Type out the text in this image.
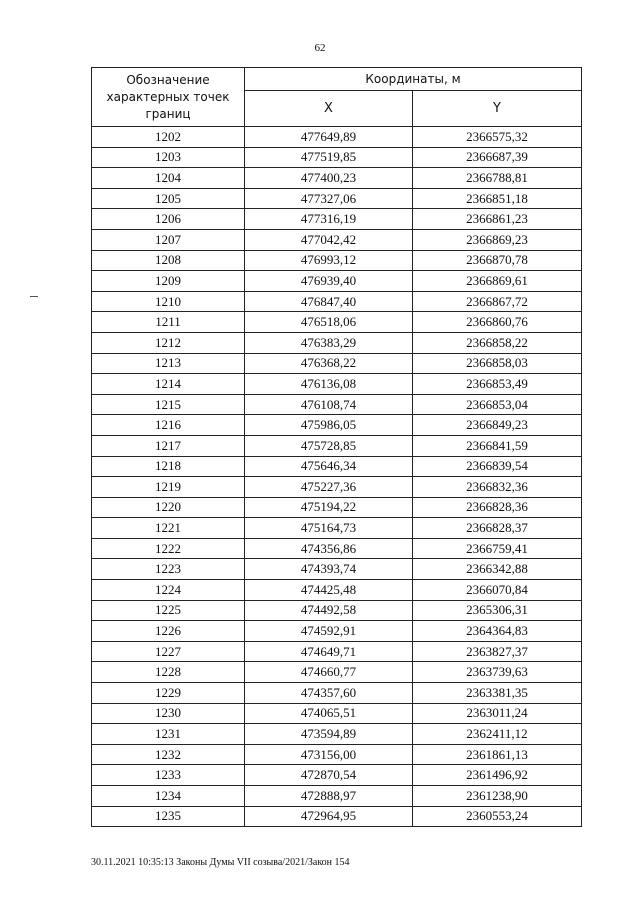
62
Обозначение характерных точек границ	Координаты, м	
	X	Y
1202	477649,89	2366575,32
1203	477519,85	2366687,39
1204	477400,23	2366788,81
1205	477327,06	2366851,18
1206	477316,19	2366861,23
1207	477042,42	2366869,23
1208	476993,12	2366870,78
1209	476939,40	2366869,61
1210	476847,40	2366867,72
1211	476518,06	2366860,76
1212	476383,29	2366858,22
1213	476368,22	2366858,03
1214	476136,08	2366853,49
1215	476108,74	2366853,04
1216	475986,05	2366849,23
1217	475728,85	2366841,59
1218	475646,34	2366839,54
1219	475227,36	2366832,36
1220	475194,22	2366828,36
1221	475164,73	2366828,37
1222	474356,86	2366759,41
1223	474393,74	2366342,88
1224	474425,48	2366070,84
1225	474492,58	2365306,31
1226	474592,91	2364364,83
1227	474649,71	2363827,37
1228	474660,77	2363739,63
1229	474357,60	2363381,35
1230	474065,51	2363011,24
1231	473594,89	2362411,12
1232	473156,00	2361861,13
1233	472870,54	2361496,92
1234	472888,97	2361238,90
1235	472964,95	2360553,24
30.11.2021 10:35:13 Законы Думы VII созыва/2021/Закон 154
